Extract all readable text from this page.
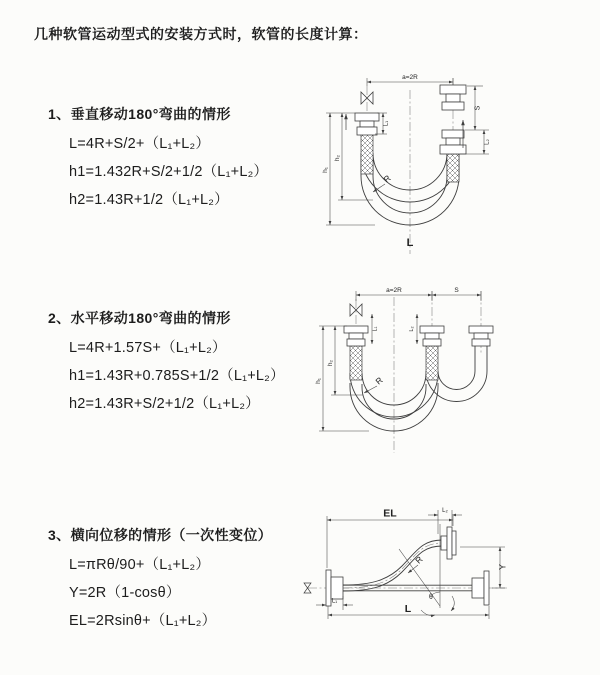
几种软管运动型式的安装方式时，软管的长度计算：
1、垂直移动180°弯曲的情形
L=4R+S/2+（L₁+L₂）
h1=1.432R+S/2+1/2（L₁+L₂）
h2=1.43R+1/2（L₁+L₂）
2、水平移动180°弯曲的情形
L=4R+1.57S+（L₁+L₂）
h1=1.43R+0.785S+1/2（L₁+L₂）
h2=1.43R+S/2+1/2（L₁+L₂）
3、横向位移的情形（一次性变位）
L=πRθ/90+（L₁+L₂）
Y=2R（1-cosθ）
EL=2Rsinθ+（L₁+L₂）
a=2R
S
L₂
L₁
h₂
h₁
L
R
a=2R	S
L₁	L₂
h₂
h₁	R
EL	L₂
Y
L
L₁
θ
R
